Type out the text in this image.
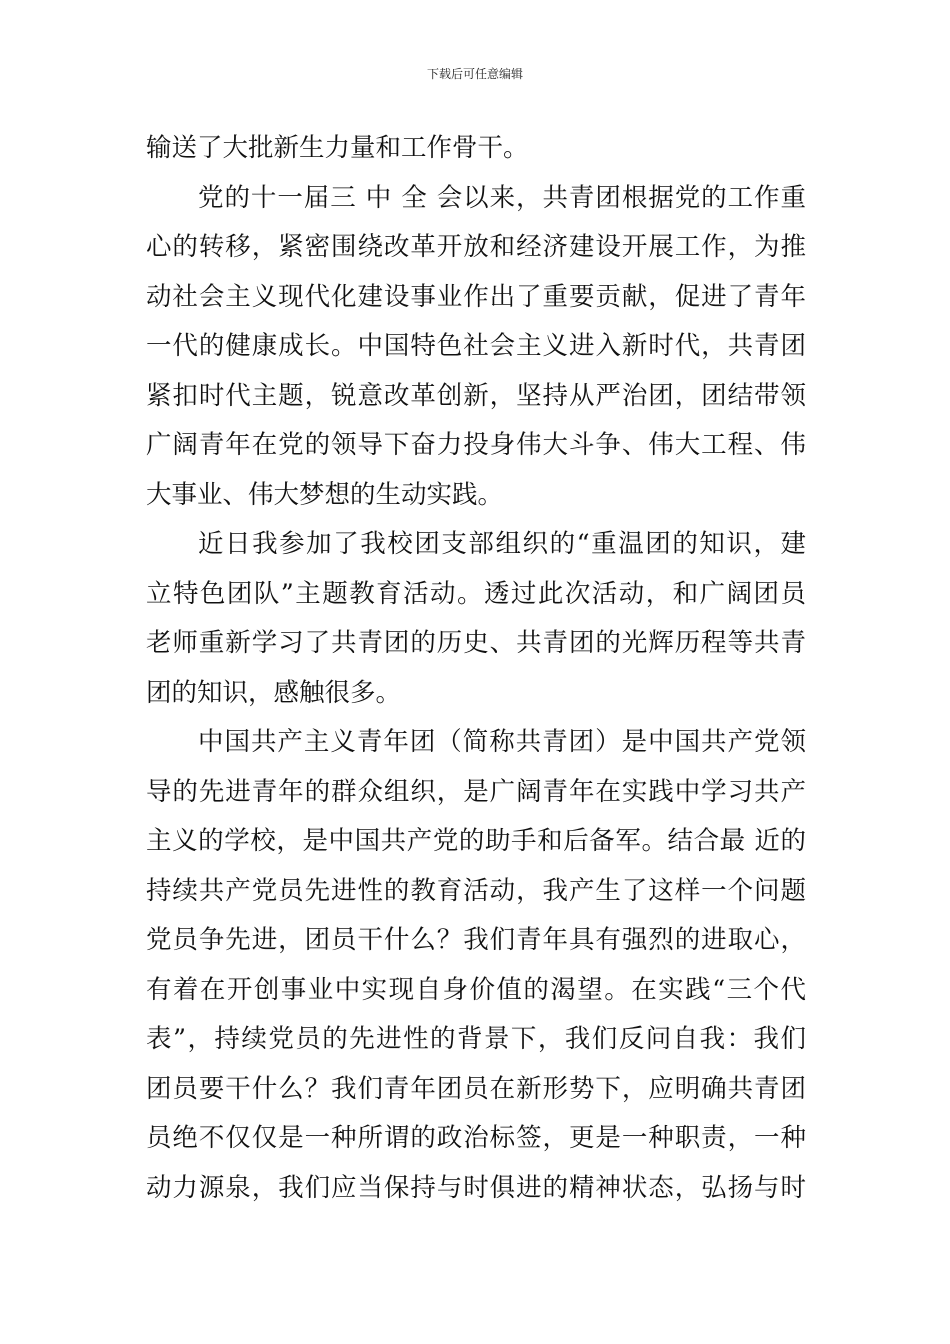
下载后可任意编辑
输送了大批新生力量和工作骨干。
党的十一届三 中 全 会以来，共青团根据党的工作重
心的转移，紧密围绕改革开放和经济建设开展工作，为推
动社会主义现代化建设事业作出了重要贡献，促进了青年
一代的健康成长。中国特色社会主义进入新时代，共青团
紧扣时代主题，锐意改革创新，坚持从严治团，团结带领
广阔青年在党的领导下奋力投身伟大斗争、伟大工程、伟
大事业、伟大梦想的生动实践。
近日我参加了我校团支部组织的“重温团的知识，建
立特色团队”主题教育活动。透过此次活动，和广阔团员
老师重新学习了共青团的历史、共青团的光辉历程等共青
团的知识，感触很多。
中国共产主义青年团（简称共青团）是中国共产党领
导的先进青年的群众组织，是广阔青年在实践中学习共产
主义的学校，是中国共产党的助手和后备军。结合最 近的
持续共产党员先进性的教育活动，我产生了这样一个问题
党员争先进，团员干什么？我们青年具有强烈的进取心，
有着在开创事业中实现自身价值的渴望。在实践“三个代
表”，持续党员的先进性的背景下，我们反问自我：我们
团员要干什么？我们青年团员在新形势下，应明确共青团
员绝不仅仅是一种所谓的政治标签，更是一种职责，一种
动力源泉，我们应当保持与时俱进的精神状态，弘扬与时
